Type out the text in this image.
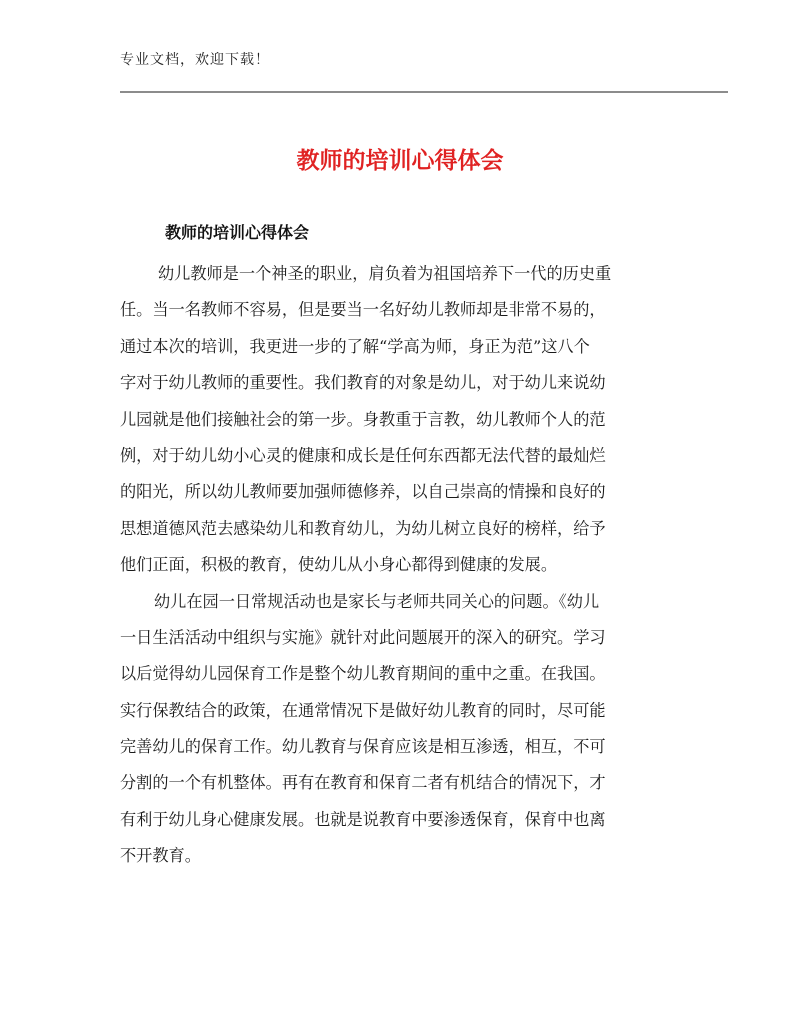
专业文档，欢迎下载！
教师的培训心得体会
教师的培训心得体会
幼儿教师是一个神圣的职业，肩负着为祖国培养下一代的历史重
任。当一名教师不容易，但是要当一名好幼儿教师却是非常不易的，
通过本次的培训，我更进一步的了解“学高为师，身正为范”这八个
字对于幼儿教师的重要性。我们教育的对象是幼儿，对于幼儿来说幼
儿园就是他们接触社会的第一步。身教重于言教，幼儿教师个人的范
例，对于幼儿幼小心灵的健康和成长是任何东西都无法代替的最灿烂
的阳光，所以幼儿教师要加强师德修养，以自己崇高的情操和良好的
思想道德风范去感染幼儿和教育幼儿，为幼儿树立良好的榜样，给予
他们正面，积极的教育，使幼儿从小身心都得到健康的发展。
幼儿在园一日常规活动也是家长与老师共同关心的问题。《幼儿
一日生活活动中组织与实施》就针对此问题展开的深入的研究。学习
以后觉得幼儿园保育工作是整个幼儿教育期间的重中之重。在我国。
实行保教结合的政策，在通常情况下是做好幼儿教育的同时，尽可能
完善幼儿的保育工作。幼儿教育与保育应该是相互渗透，相互，不可
分割的一个有机整体。再有在教育和保育二者有机结合的情况下，才
有利于幼儿身心健康发展。也就是说教育中要渗透保育，保育中也离
不开教育。
